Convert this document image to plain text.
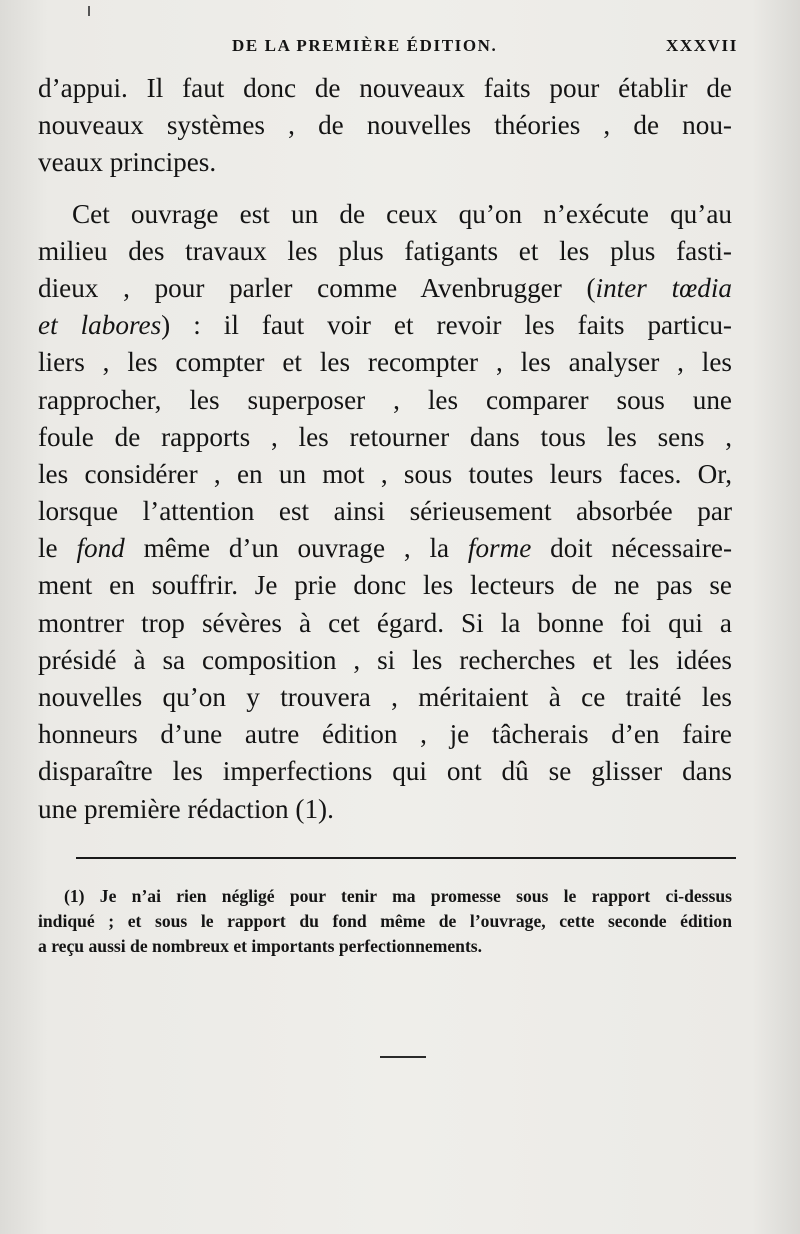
DE LA PREMIÈRE ÉDITION.	XXXVII
d’appui. Il faut donc de nouveaux faits pour établir de
nouveaux systèmes , de nouvelles théories , de nou-
veaux principes.
Cet ouvrage est un de ceux qu’on n’exécute qu’au
milieu des travaux les plus fatigants et les plus fasti-
dieux , pour parler comme Avenbrugger (inter tœdia
et labores) : il faut voir et revoir les faits particu-
liers , les compter et les recompter , les analyser , les
rapprocher, les superposer , les comparer sous une
foule de rapports , les retourner dans tous les sens ,
les considérer , en un mot , sous toutes leurs faces. Or,
lorsque l’attention est ainsi sérieusement absorbée par
le fond même d’un ouvrage , la forme doit nécessaire-
ment en souffrir. Je prie donc les lecteurs de ne pas se
montrer trop sévères à cet égard. Si la bonne foi qui a
présidé à sa composition , si les recherches et les idées
nouvelles qu’on y trouvera , méritaient à ce traité les
honneurs d’une autre édition , je tâcherais d’en faire
disparaître les imperfections qui ont dû se glisser dans
une première rédaction (1).
(1) Je n’ai rien négligé pour tenir ma promesse sous le rapport ci-dessus
indiqué ; et sous le rapport du fond même de l’ouvrage, cette seconde édition
a reçu aussi de nombreux et importants perfectionnements.
